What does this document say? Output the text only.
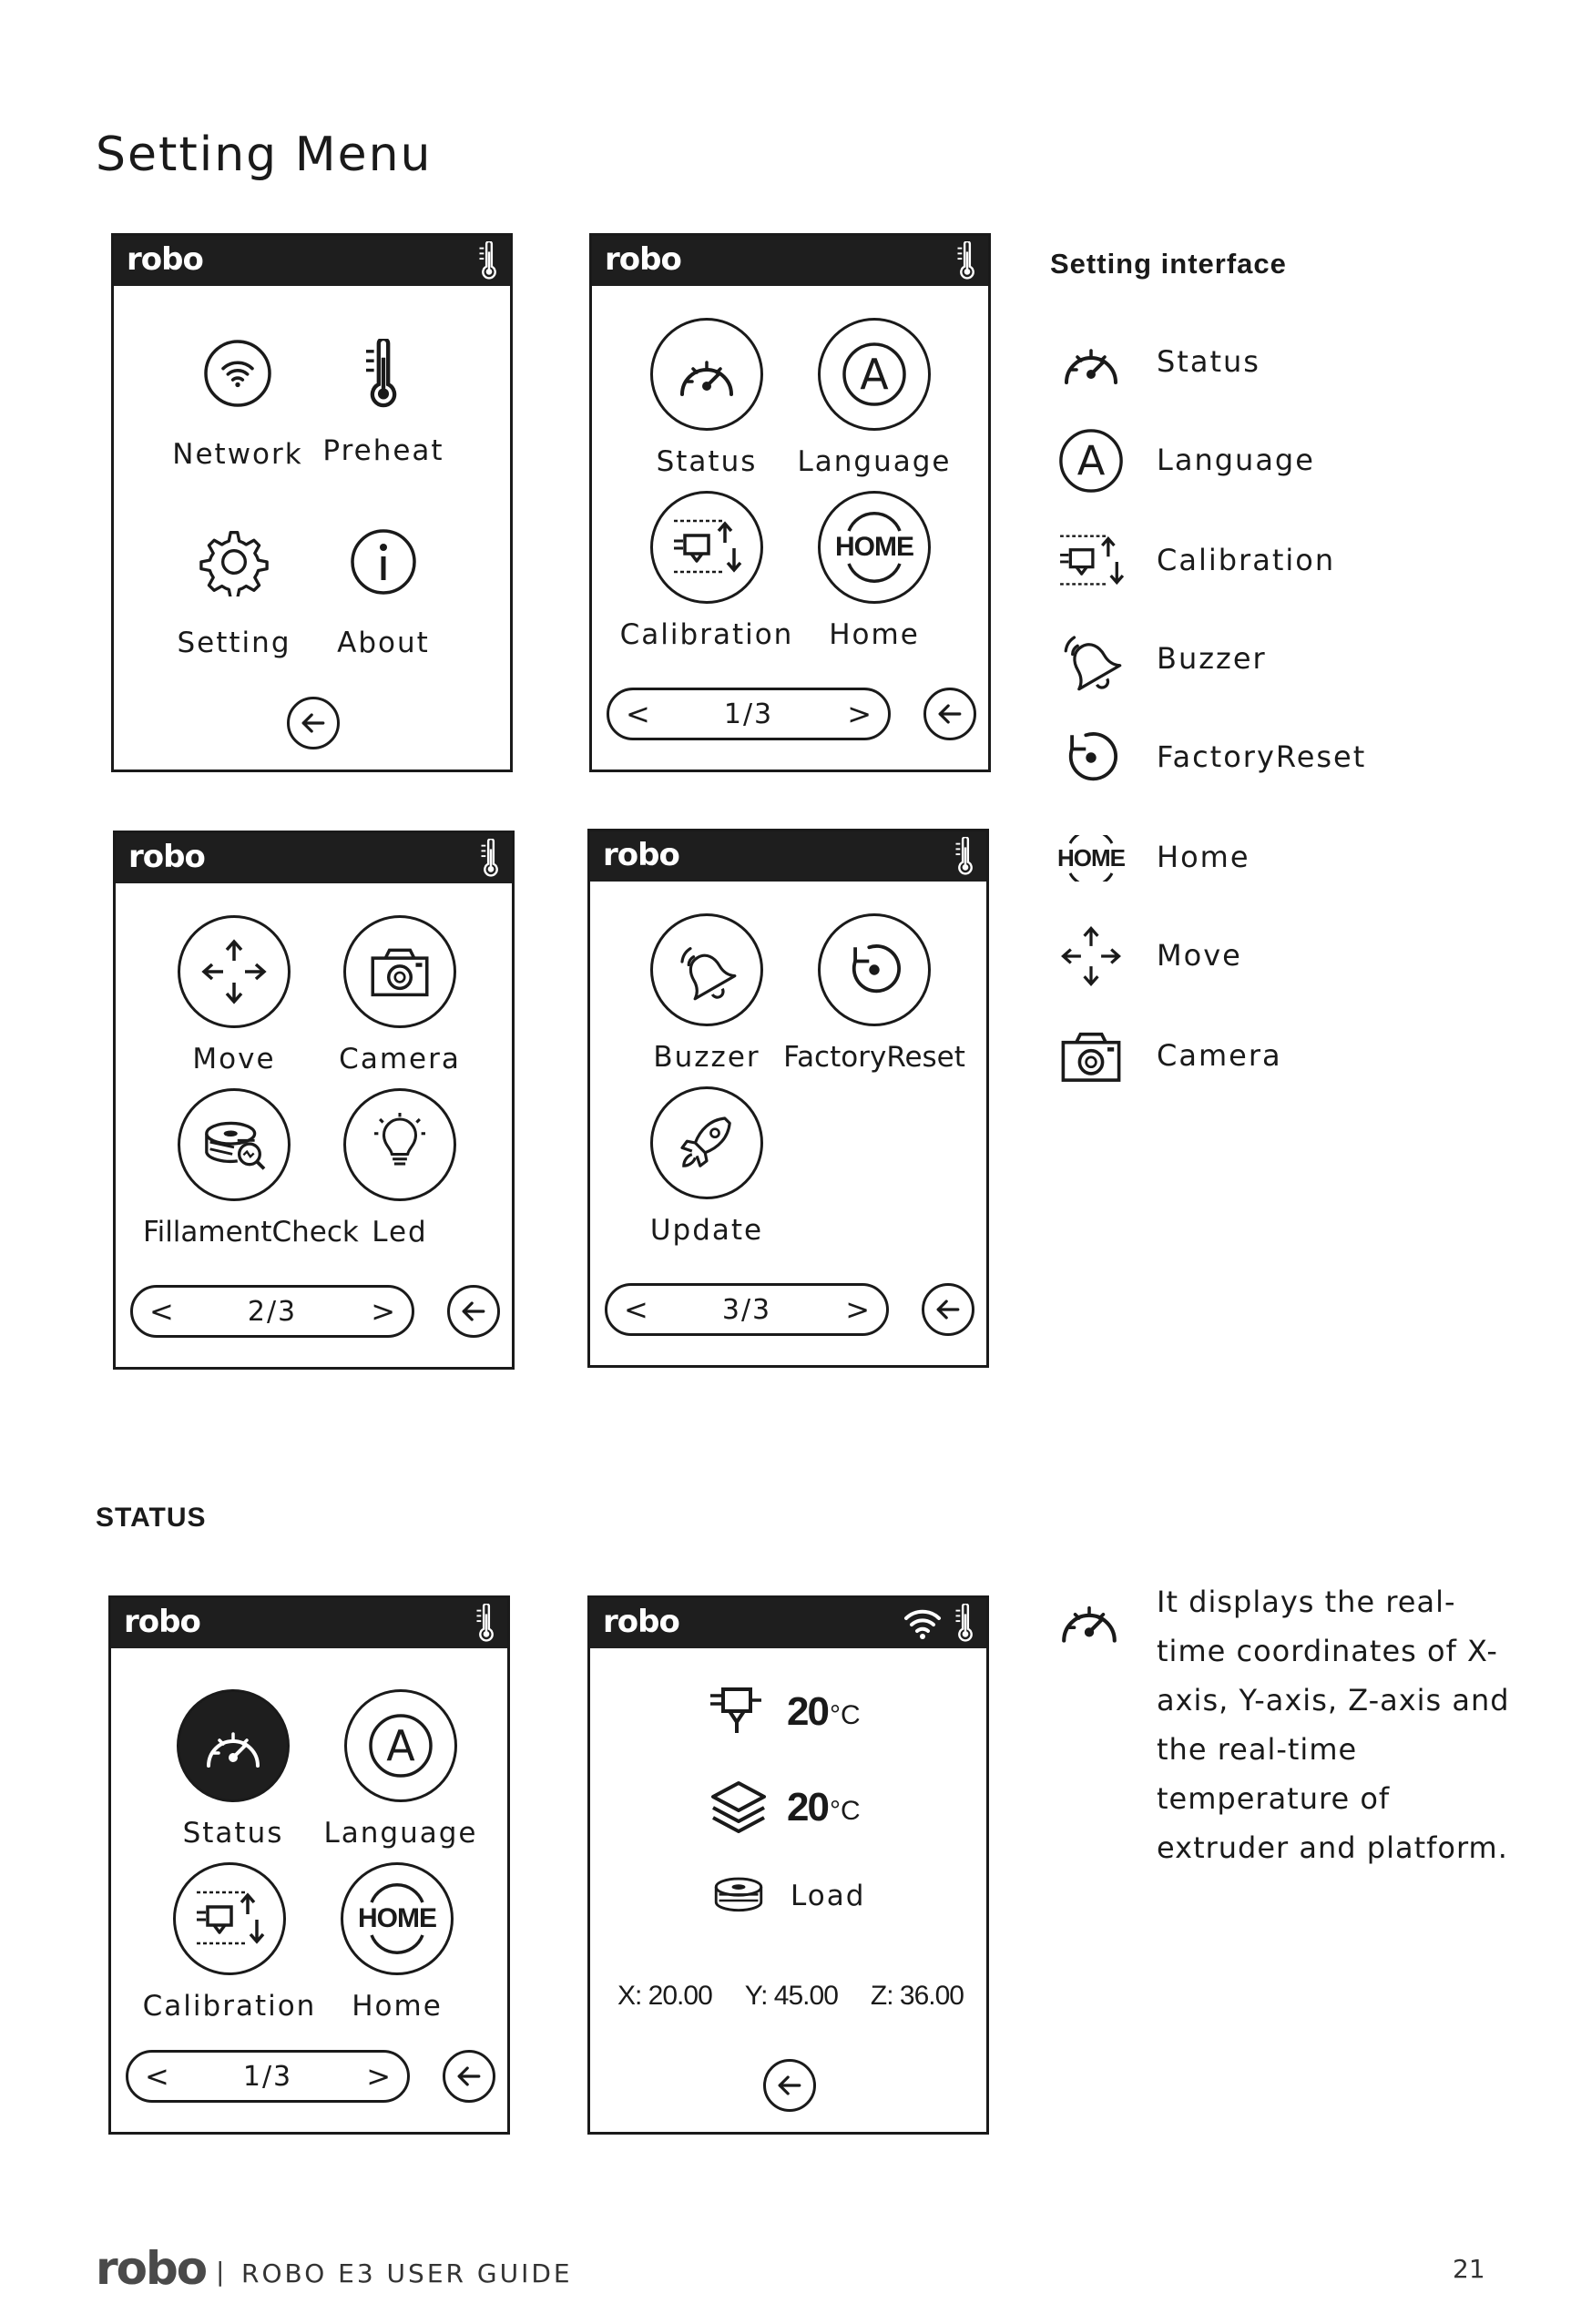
Setting Menu
robo
Network Preheat
Setting	About
robo
Status
A
Language
Calibration
HOME
Home
<	1/3	>
robo
Move	Camera
FillamentCheck Led
<	2/3	>
robo
Buzzer FactoryReset
Update
<	3/3	>
Setting interface
Status
A Language
Calibration
Buzzer
FactoryReset
HOME Home
Move
Camera
STATUS
robo
Status
A
Language
Calibration
HOME
Home
<	1/3	>
robo
20 °C
20 °C
Load
X: 20.00 Y: 45.00 Z: 36.00
It displays the real-time coordinates of X-axis, Y-axis, Z-axis and the real-time temperature of extruder and platform.
robo | ROBO E3 USER GUIDE	21
